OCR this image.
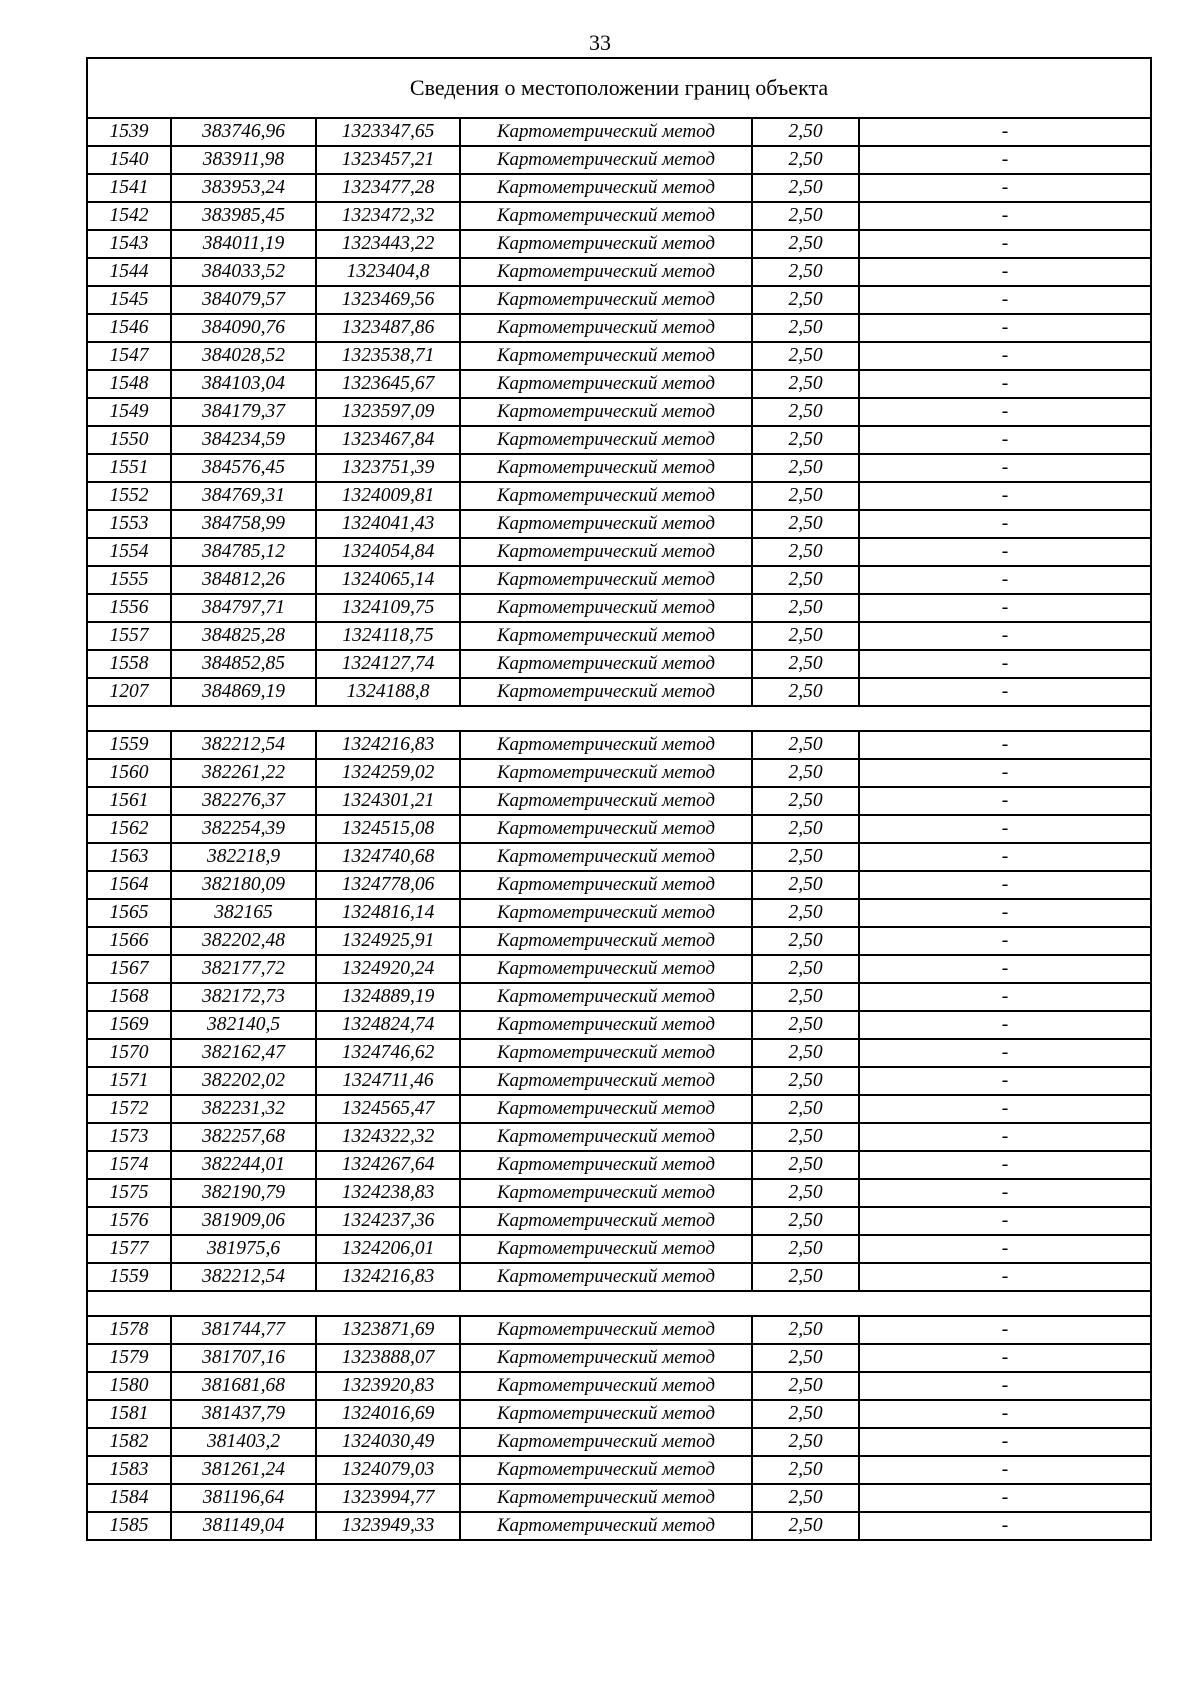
33
Сведения о местоположении границ объекта					
1539	383746,96	1323347,65	Картометрический метод	2,50	-
1540	383911,98	1323457,21	Картометрический метод	2,50	-
1541	383953,24	1323477,28	Картометрический метод	2,50	-
1542	383985,45	1323472,32	Картометрический метод	2,50	-
1543	384011,19	1323443,22	Картометрический метод	2,50	-
1544	384033,52	1323404,8	Картометрический метод	2,50	-
1545	384079,57	1323469,56	Картометрический метод	2,50	-
1546	384090,76	1323487,86	Картометрический метод	2,50	-
1547	384028,52	1323538,71	Картометрический метод	2,50	-
1548	384103,04	1323645,67	Картометрический метод	2,50	-
1549	384179,37	1323597,09	Картометрический метод	2,50	-
1550	384234,59	1323467,84	Картометрический метод	2,50	-
1551	384576,45	1323751,39	Картометрический метод	2,50	-
1552	384769,31	1324009,81	Картометрический метод	2,50	-
1553	384758,99	1324041,43	Картометрический метод	2,50	-
1554	384785,12	1324054,84	Картометрический метод	2,50	-
1555	384812,26	1324065,14	Картометрический метод	2,50	-
1556	384797,71	1324109,75	Картометрический метод	2,50	-
1557	384825,28	1324118,75	Картометрический метод	2,50	-
1558	384852,85	1324127,74	Картометрический метод	2,50	-
1207	384869,19	1324188,8	Картометрический метод	2,50	-

1559	382212,54	1324216,83	Картометрический метод	2,50	-
1560	382261,22	1324259,02	Картометрический метод	2,50	-
1561	382276,37	1324301,21	Картометрический метод	2,50	-
1562	382254,39	1324515,08	Картометрический метод	2,50	-
1563	382218,9	1324740,68	Картометрический метод	2,50	-
1564	382180,09	1324778,06	Картометрический метод	2,50	-
1565	382165	1324816,14	Картометрический метод	2,50	-
1566	382202,48	1324925,91	Картометрический метод	2,50	-
1567	382177,72	1324920,24	Картометрический метод	2,50	-
1568	382172,73	1324889,19	Картометрический метод	2,50	-
1569	382140,5	1324824,74	Картометрический метод	2,50	-
1570	382162,47	1324746,62	Картометрический метод	2,50	-
1571	382202,02	1324711,46	Картометрический метод	2,50	-
1572	382231,32	1324565,47	Картометрический метод	2,50	-
1573	382257,68	1324322,32	Картометрический метод	2,50	-
1574	382244,01	1324267,64	Картометрический метод	2,50	-
1575	382190,79	1324238,83	Картометрический метод	2,50	-
1576	381909,06	1324237,36	Картометрический метод	2,50	-
1577	381975,6	1324206,01	Картометрический метод	2,50	-
1559	382212,54	1324216,83	Картометрический метод	2,50	-

1578	381744,77	1323871,69	Картометрический метод	2,50	-
1579	381707,16	1323888,07	Картометрический метод	2,50	-
1580	381681,68	1323920,83	Картометрический метод	2,50	-
1581	381437,79	1324016,69	Картометрический метод	2,50	-
1582	381403,2	1324030,49	Картометрический метод	2,50	-
1583	381261,24	1324079,03	Картометрический метод	2,50	-
1584	381196,64	1323994,77	Картометрический метод	2,50	-
1585	381149,04	1323949,33	Картометрический метод	2,50	-
